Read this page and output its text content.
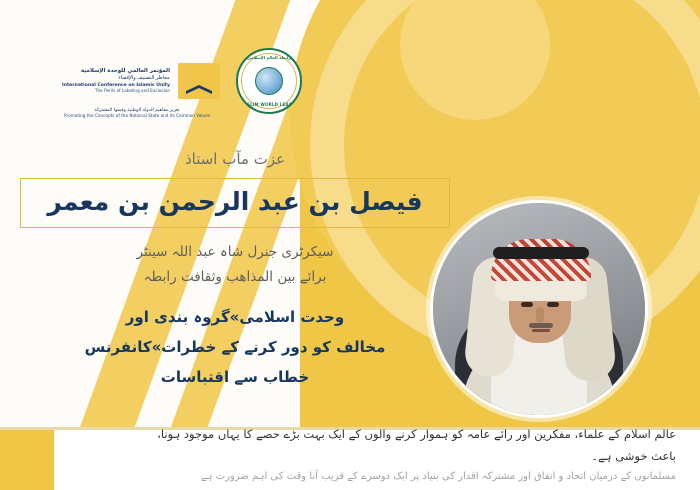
المؤتمر العالمي للوحدة الإسلامية
مخاطر التصنيف والإقصاء
International Conference on Islamic Unity
The Perils of Labeling and Exclusion
رابطة العالم الإسلامي
MUSLIM WORLD LEAGUE
تعزيز مفاهيم الدولة الوطنية وقيمها المشتركة
Promoting the Concepts of the National State and its Common Values
عزت مآب استاذ
فیصل بن عبد الرحمن بن معمر
سیکرٹری جنرل شاہ عبد اللہ سینٹر
برائے بین المذاهب وثقافت رابطہ
وحدت اسلامی»گروہ بندی اور
مخالف کو دور کرنے کے خطرات»کانفرنس
خطاب سے اقتباسات
عالم اسلام کے علماء، مفکرین اور رائے عامہ کو ہموار کرنے والوں کے ایک بہت بڑے حصے کا یہاں موجود ہونا،
باعث خوشی ہے۔
مسلمانوں کے درمیان اتحاد و اتفاق اور مشترکہ اقدار کی بنیاد پر ایک دوسرے کے قریب آنا وقت کی اہم ضرورت ہے
